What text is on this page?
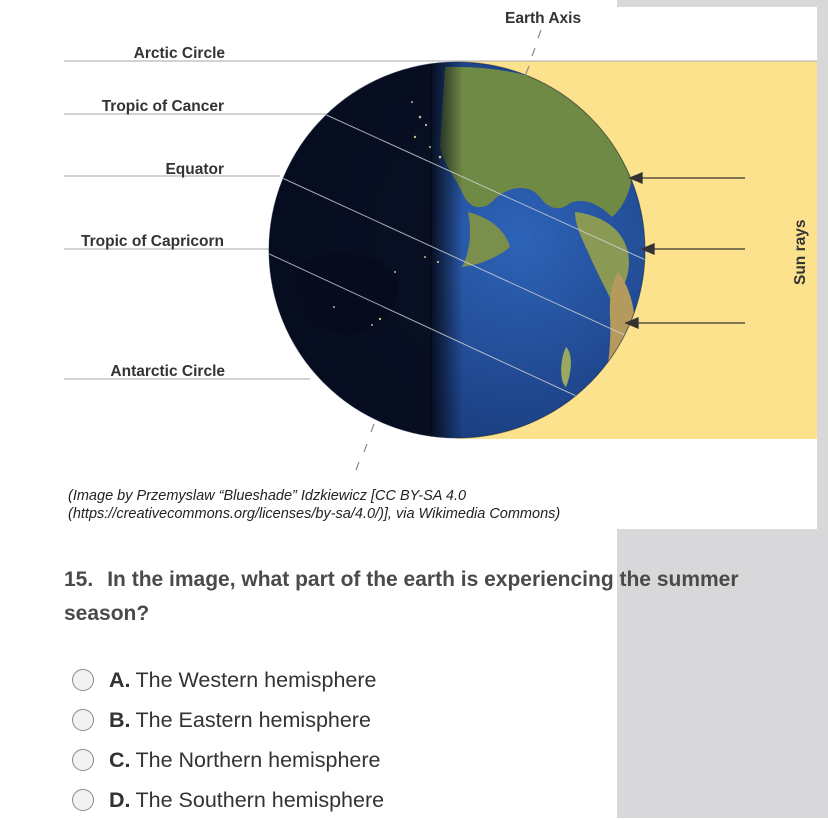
Earth Axis
Arctic Circle
Tropic of Cancer
Equator
Tropic of Capricorn
Antarctic Circle
Sun rays
(Image by Przemyslaw “Blueshade” Idzkiewicz [CC BY-SA 4.0
(https://creativecommons.org/licenses/by-sa/4.0/)], via Wikimedia Commons)
15. In the image, what part of the earth is experiencing the summer season?
A. The Western hemisphere
B. The Eastern hemisphere
C. The Northern hemisphere
D. The Southern hemisphere
